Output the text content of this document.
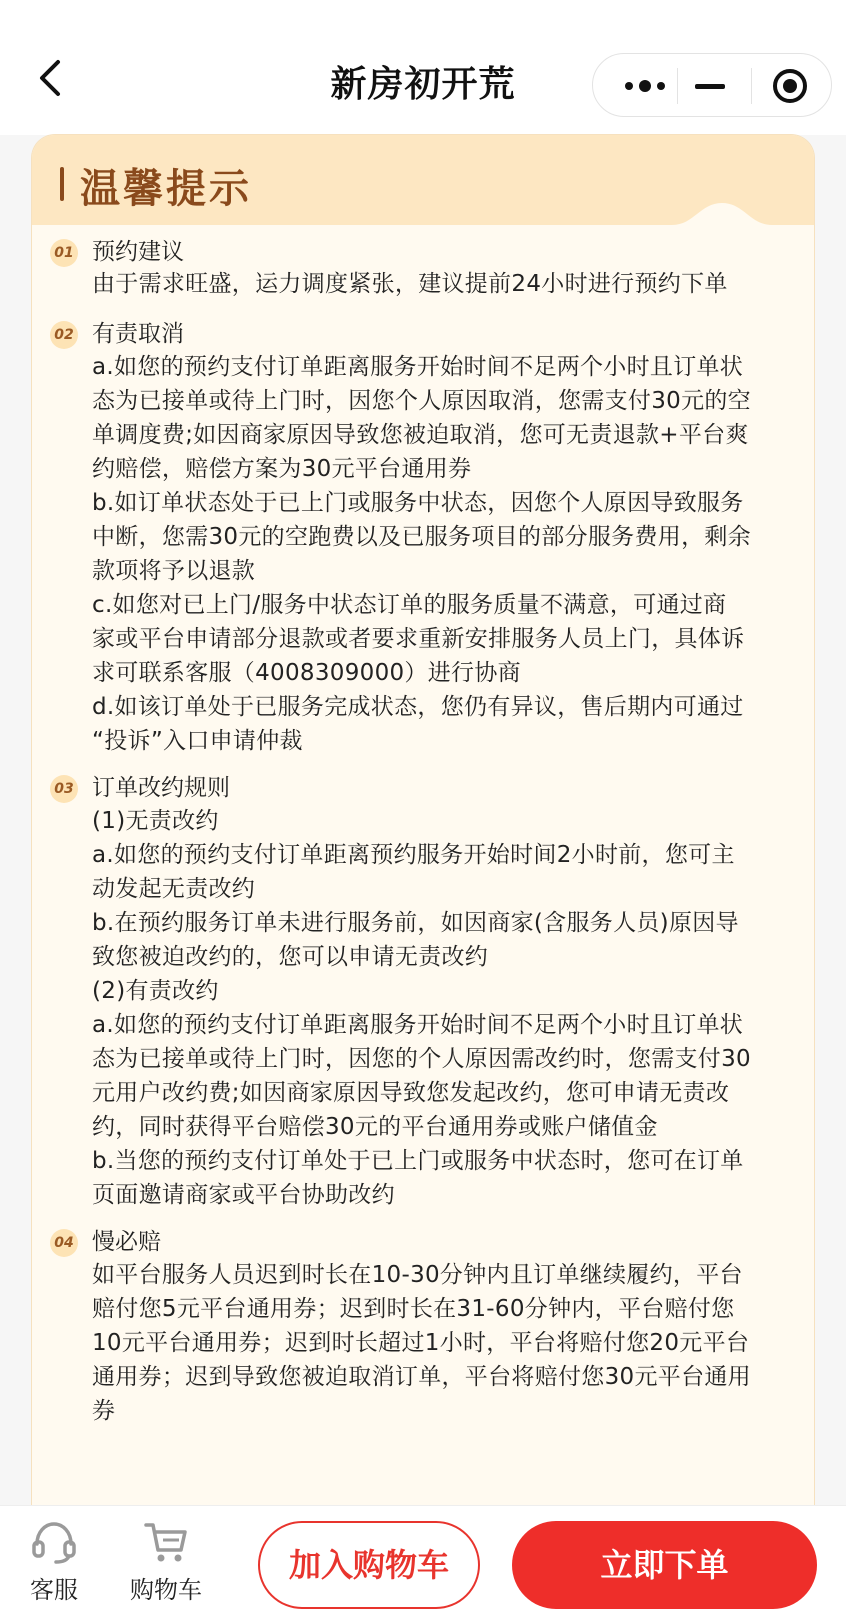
新房初开荒
温馨提示
01 预约建议
由于需求旺盛，运力调度紧张，建议提前24小时进行预约下单
02 有责取消
a.如您的预约支付订单距离服务开始时间不足两个小时且订单状
态为已接单或待上门时，因您个人原因取消，您需支付30元的空
单调度费;如因商家原因导致您被迫取消，您可无责退款+平台爽
约赔偿，赔偿方案为30元平台通用券
b.如订单状态处于已上门或服务中状态，因您个人原因导致服务
中断，您需30元的空跑费以及已服务项目的部分服务费用，剩余
款项将予以退款
c.如您对已上门/服务中状态订单的服务质量不满意，可通过商
家或平台申请部分退款或者要求重新安排服务人员上门，具体诉
求可联系客服（4008309000）进行协商
d.如该订单处于已服务完成状态，您仍有异议，售后期内可通过
“投诉”入口申请仲裁
03 订单改约规则
(1)无责改约
a.如您的预约支付订单距离预约服务开始时间2小时前，您可主
动发起无责改约
b.在预约服务订单未进行服务前，如因商家(含服务人员)原因导
致您被迫改约的，您可以申请无责改约
(2)有责改约
a.如您的预约支付订单距离服务开始时间不足两个小时且订单状
态为已接单或待上门时，因您的个人原因需改约时，您需支付30
元用户改约费;如因商家原因导致您发起改约，您可申请无责改
约，同时获得平台赔偿30元的平台通用券或账户储值金
b.当您的预约支付订单处于已上门或服务中状态时，您可在订单
页面邀请商家或平台协助改约
04 慢必赔
如平台服务人员迟到时长在10-30分钟内且订单继续履约，平台
赔付您5元平台通用券；迟到时长在31-60分钟内，平台赔付您
10元平台通用券；迟到时长超过1小时，平台将赔付您20元平台
通用券；迟到导致您被迫取消订单，平台将赔付您30元平台通用
券
客服	购物车
加入购物车	立即下单
